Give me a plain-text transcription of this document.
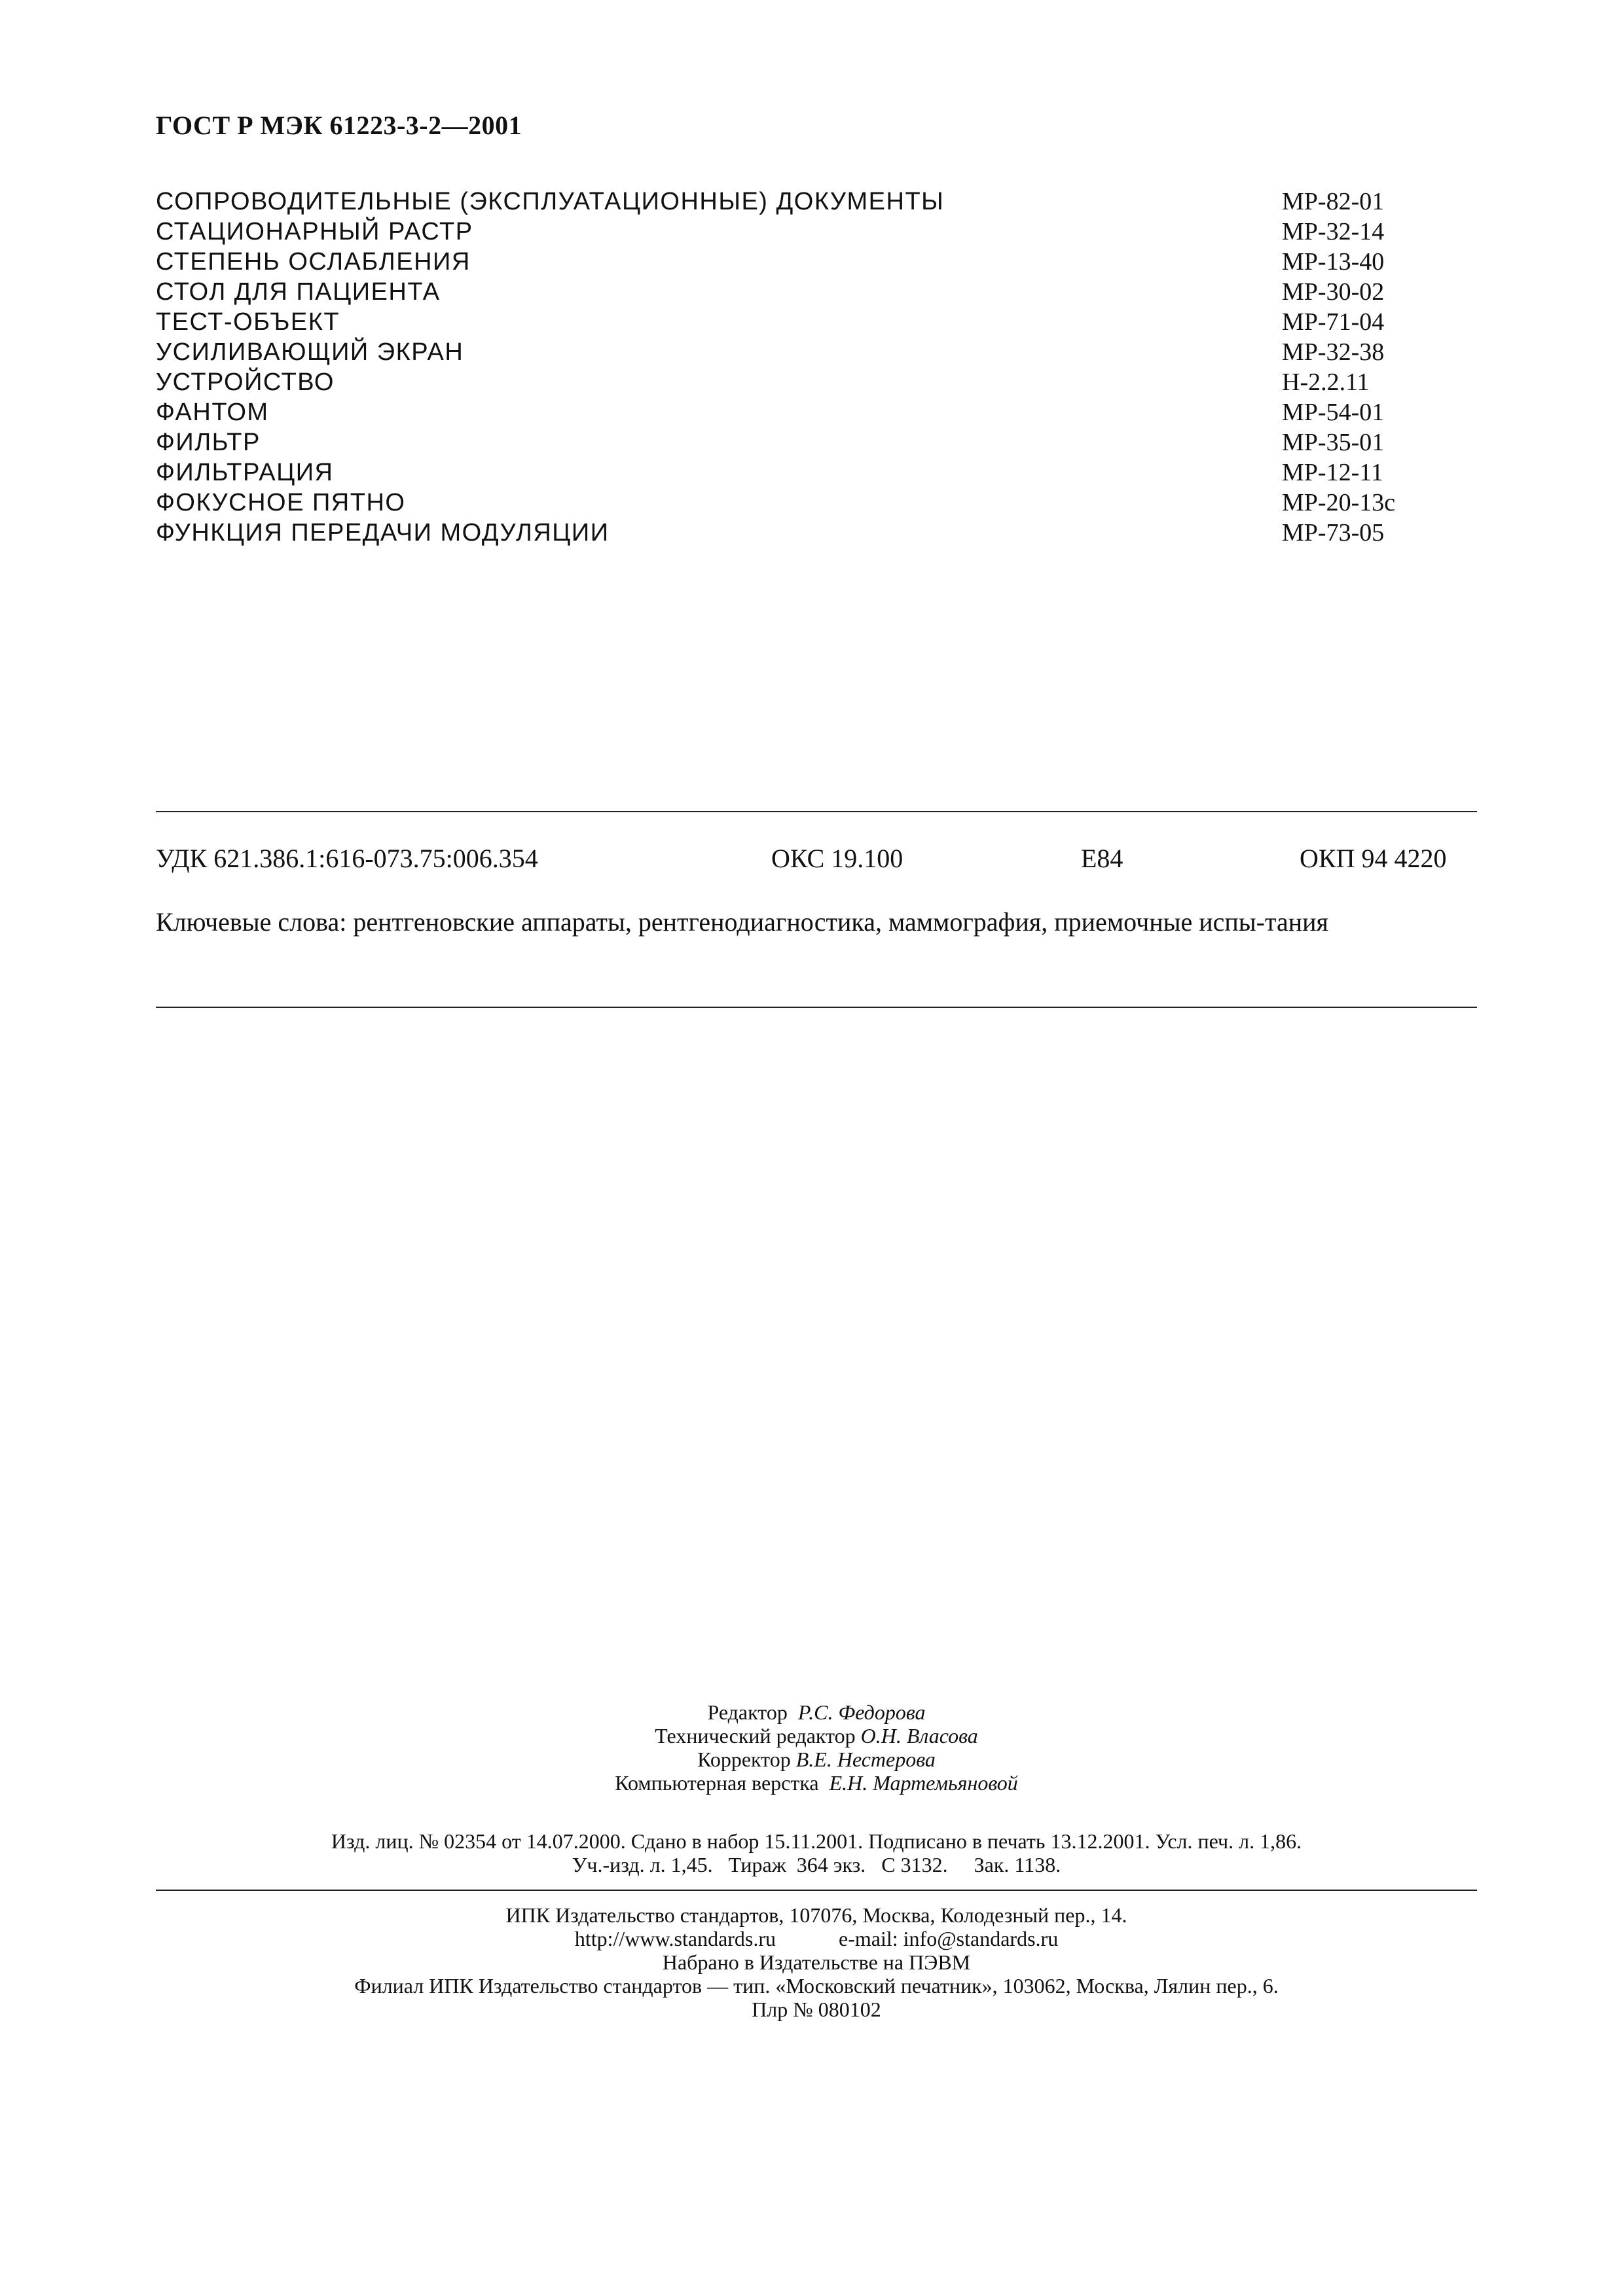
ГОСТ Р МЭК 61223-3-2—2001
СОПРОВОДИТЕЛЬНЫЕ (ЭКСПЛУАТАЦИОННЫЕ) ДОКУМЕНТЫ	МР-82-01
СТАЦИОНАРНЫЙ РАСТР	МР-32-14
СТЕПЕНЬ ОСЛАБЛЕНИЯ	МР-13-40
СТОЛ ДЛЯ ПАЦИЕНТА	МР-30-02
ТЕСТ-ОБЪЕКТ	МР-71-04
УСИЛИВАЮЩИЙ ЭКРАН	МР-32-38
УСТРОЙСТВО	Н-2.2.11
ФАНТОМ	МР-54-01
ФИЛЬТР	МР-35-01
ФИЛЬТРАЦИЯ	МР-12-11
ФОКУСНОЕ ПЯТНО	МР-20-13с
ФУНКЦИЯ ПЕРЕДАЧИ МОДУЛЯЦИИ	МР-73-05
УДК 621.386.1:616-073.75:006.354	ОКС 19.100	Е84	ОКП 94 4220
Ключевые слова: рентгеновские аппараты, рентгенодиагностика, маммография, приемочные испы-тания
Редактор Р.С. Федорова
Технический редактор О.Н. Власова
Корректор В.Е. Нестерова
Компьютерная верстка Е.Н. Мартемьяновой
Изд. лиц. № 02354 от 14.07.2000. Сдано в набор 15.11.2001. Подписано в печать 13.12.2001. Усл. печ. л. 1,86.
Уч.-изд. л. 1,45.   Тираж  364 экз.   С 3132.     Зак. 1138.
ИПК Издательство стандартов, 107076, Москва, Колодезный пер., 14.
http://www.standards.ru	e-mail: info@standards.ru
Набрано в Издательстве на ПЭВМ
Филиал ИПК Издательство стандартов — тип. «Московский печатник», 103062, Москва, Лялин пер., 6.
Плр № 080102
